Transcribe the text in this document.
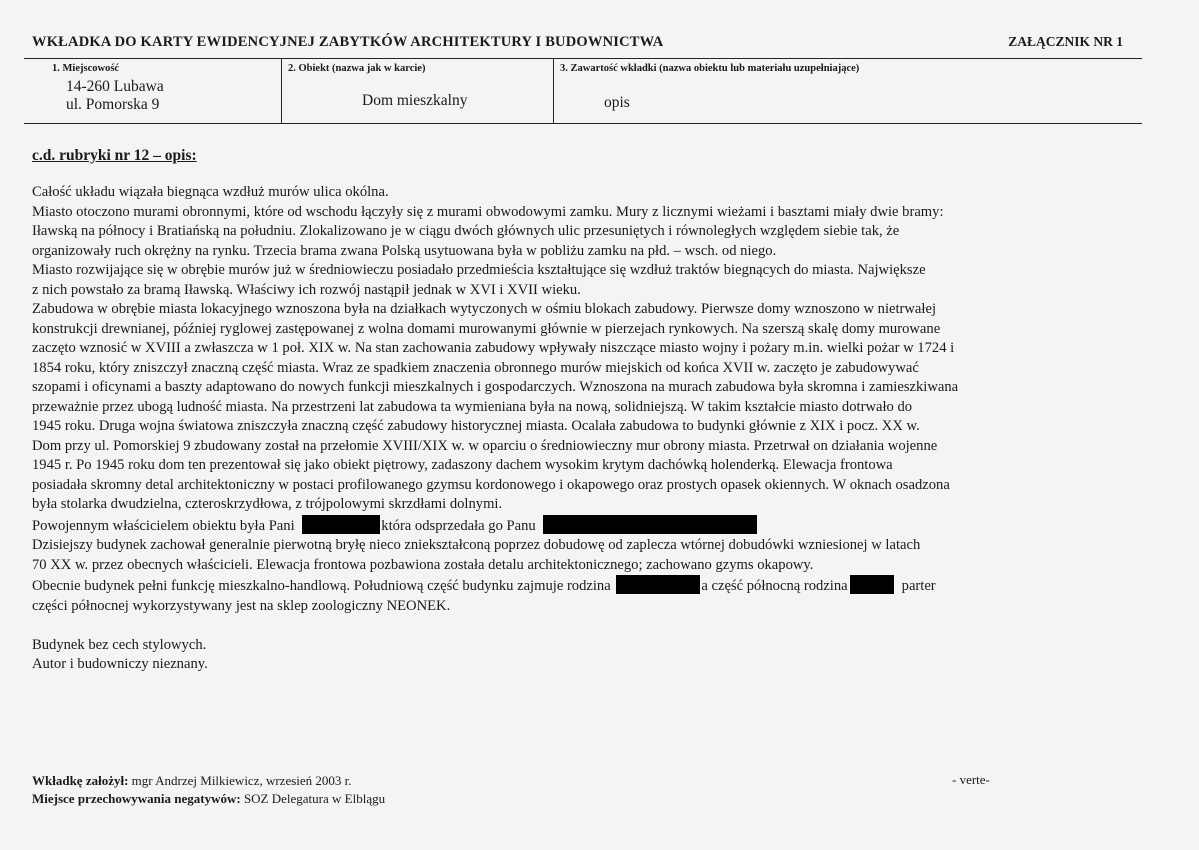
WKŁADKA DO KARTY EWIDENCYJNEJ ZABYTKÓW ARCHITEKTURY I BUDOWNICTWA	ZAŁĄCZNIK NR 1
1. Miejscowość
14-260 Lubawa
ul. Pomorska 9
2. Obiekt (nazwa jak w karcie)
Dom mieszkalny
3. Zawartość wkładki (nazwa obiektu lub materiału uzupełniające)
opis
c.d. rubryki nr 12 – opis:
Całość układu wiązała biegnąca wzdłuż murów ulica okólna.
Miasto otoczono murami obronnymi, które od wschodu łączyły się z murami obwodowymi zamku. Mury z licznymi wieżami i basztami miały dwie bramy:
Iławską na północy i Bratiańską na południu. Zlokalizowano je w ciągu dwóch głównych ulic przesuniętych i równoległych względem siebie tak, że
organizowały ruch okrężny na rynku. Trzecia brama zwana Polską usytuowana była w pobliżu zamku na płd. – wsch. od niego.
Miasto rozwijające się w obrębie murów już w średniowieczu posiadało przedmieścia kształtujące się wzdłuż traktów biegnących do miasta. Największe
z nich powstało za bramą Iławską. Właściwy ich rozwój nastąpił jednak w XVI i XVII wieku.
Zabudowa w obrębie miasta lokacyjnego wznoszona była na działkach wytyczonych w ośmiu blokach zabudowy. Pierwsze domy wznoszono w nietrwałej
konstrukcji drewnianej, później ryglowej zastępowanej z wolna domami murowanymi głównie w pierzejach rynkowych. Na szerszą skalę domy murowane
zaczęto wznosić w XVIII a zwłaszcza w 1 poł. XIX w. Na stan zachowania zabudowy wpływały niszczące miasto wojny i pożary m.in. wielki pożar w 1724 i
1854 roku, który zniszczył znaczną część miasta. Wraz ze spadkiem znaczenia obronnego murów miejskich od końca XVII w. zaczęto je zabudowywać
szopami i oficynami a baszty adaptowano do nowych funkcji mieszkalnych i gospodarczych. Wznoszona na murach zabudowa była skromna i zamieszkiwana
przeważnie przez ubogą ludność miasta. Na przestrzeni lat zabudowa ta wymieniana była na nową, solidniejszą. W takim kształcie miasto dotrwało do
1945 roku. Druga wojna światowa zniszczyła znaczną część zabudowy historycznej miasta. Ocalała zabudowa to budynki głównie z XIX i pocz. XX w.
Dom przy ul. Pomorskiej 9 zbudowany został na przełomie XVIII/XIX w. w oparciu o średniowieczny mur obrony miasta. Przetrwał on działania wojenne
1945 r. Po 1945 roku dom ten prezentował się jako obiekt piętrowy, zadaszony dachem wysokim krytym dachówką holenderką. Elewacja frontowa
posiadała skromny detal architektoniczny w postaci profilowanego gzymsu kordonowego i okapowego oraz prostych opasek okiennych. W oknach osadzona
była stolarka dwudzielna, czteroskrzydłowa, z trójpolowymi skrzdłami dolnymi.
Powojennym właścicielem obiektu była Pani	która odsprzedała go Panu
Dzisiejszy budynek zachował generalnie pierwotną bryłę nieco zniekształconą poprzez dobudowę od zaplecza wtórnej dobudówki wzniesionej w latach
70 XX w. przez obecnych właścicieli. Elewacja frontowa pozbawiona została detalu architektonicznego; zachowano gzyms okapowy.
Obecnie budynek pełni funkcję mieszkalno-handlową. Południową część budynku zajmuje rodzina	a część północną rodzina	parter
części północnej wykorzystywany jest na sklep zoologiczny NEONEK.
Budynek bez cech stylowych.
Autor i budowniczy nieznany.
Wkładkę założył: mgr Andrzej Milkiewicz, wrzesień 2003 r.
Miejsce przechowywania negatywów: SOZ Delegatura w Elblągu
- verte-
